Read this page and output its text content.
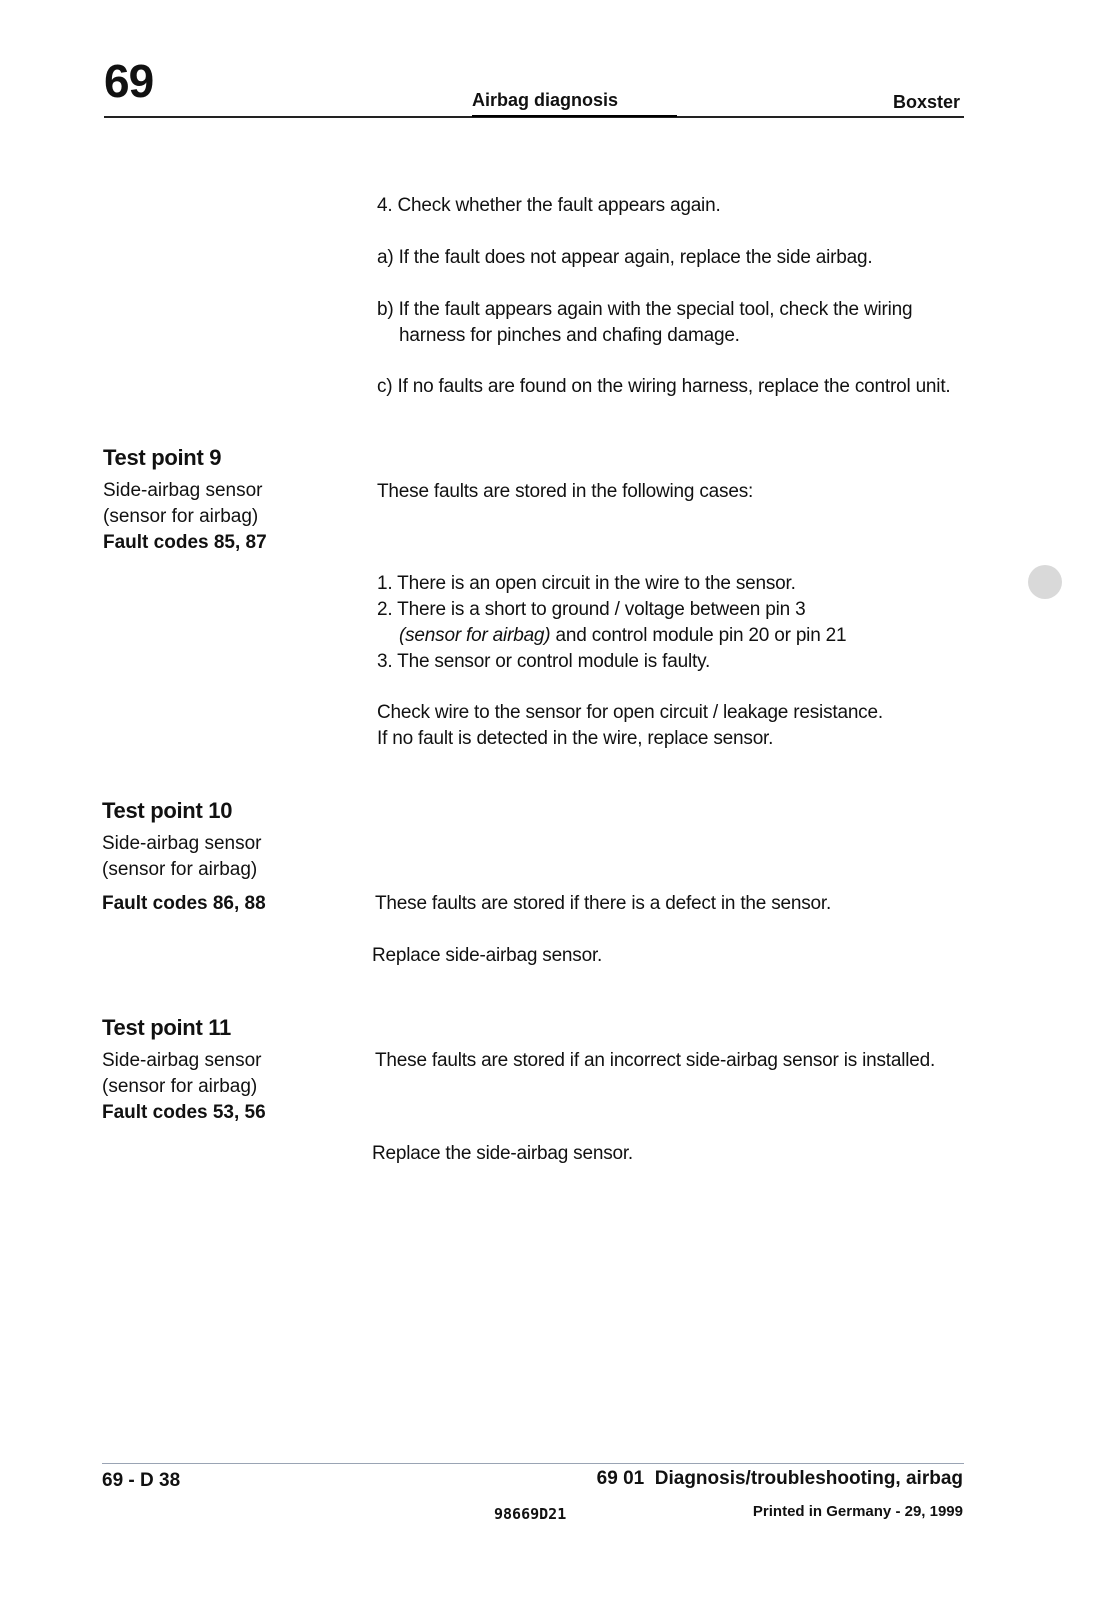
69	Airbag diagnosis	Boxster
4. Check whether the fault appears again.
a) If the fault does not appear again, replace the side airbag.
b) If the fault appears again with the special tool, check the wiring
harness for pinches and chafing damage.
c) If no faults are found on the wiring harness, replace the control unit.
Test point 9
Side-airbag sensor
(sensor for airbag)
Fault codes 85, 87
These faults are stored in the following cases:
1. There is an open circuit in the wire to the sensor.
2. There is a short to ground / voltage between pin 3
(sensor for airbag) and control module pin 20 or pin 21
3. The sensor or control module is faulty.
Check wire to the sensor for open circuit / leakage resistance.
If no fault is detected in the wire, replace sensor.
Test point 10
Side-airbag sensor
(sensor for airbag)
Fault codes 86, 88	These faults are stored if there is a defect in the sensor.
Replace side-airbag sensor.
Test point 11
Side-airbag sensor
(sensor for airbag)
Fault codes 53, 56
These faults are stored if an incorrect side-airbag sensor is installed.
Replace the side-airbag sensor.
69 - D 38	69 01  Diagnosis/troubleshooting, airbag
98669D21	Printed in Germany - 29, 1999
